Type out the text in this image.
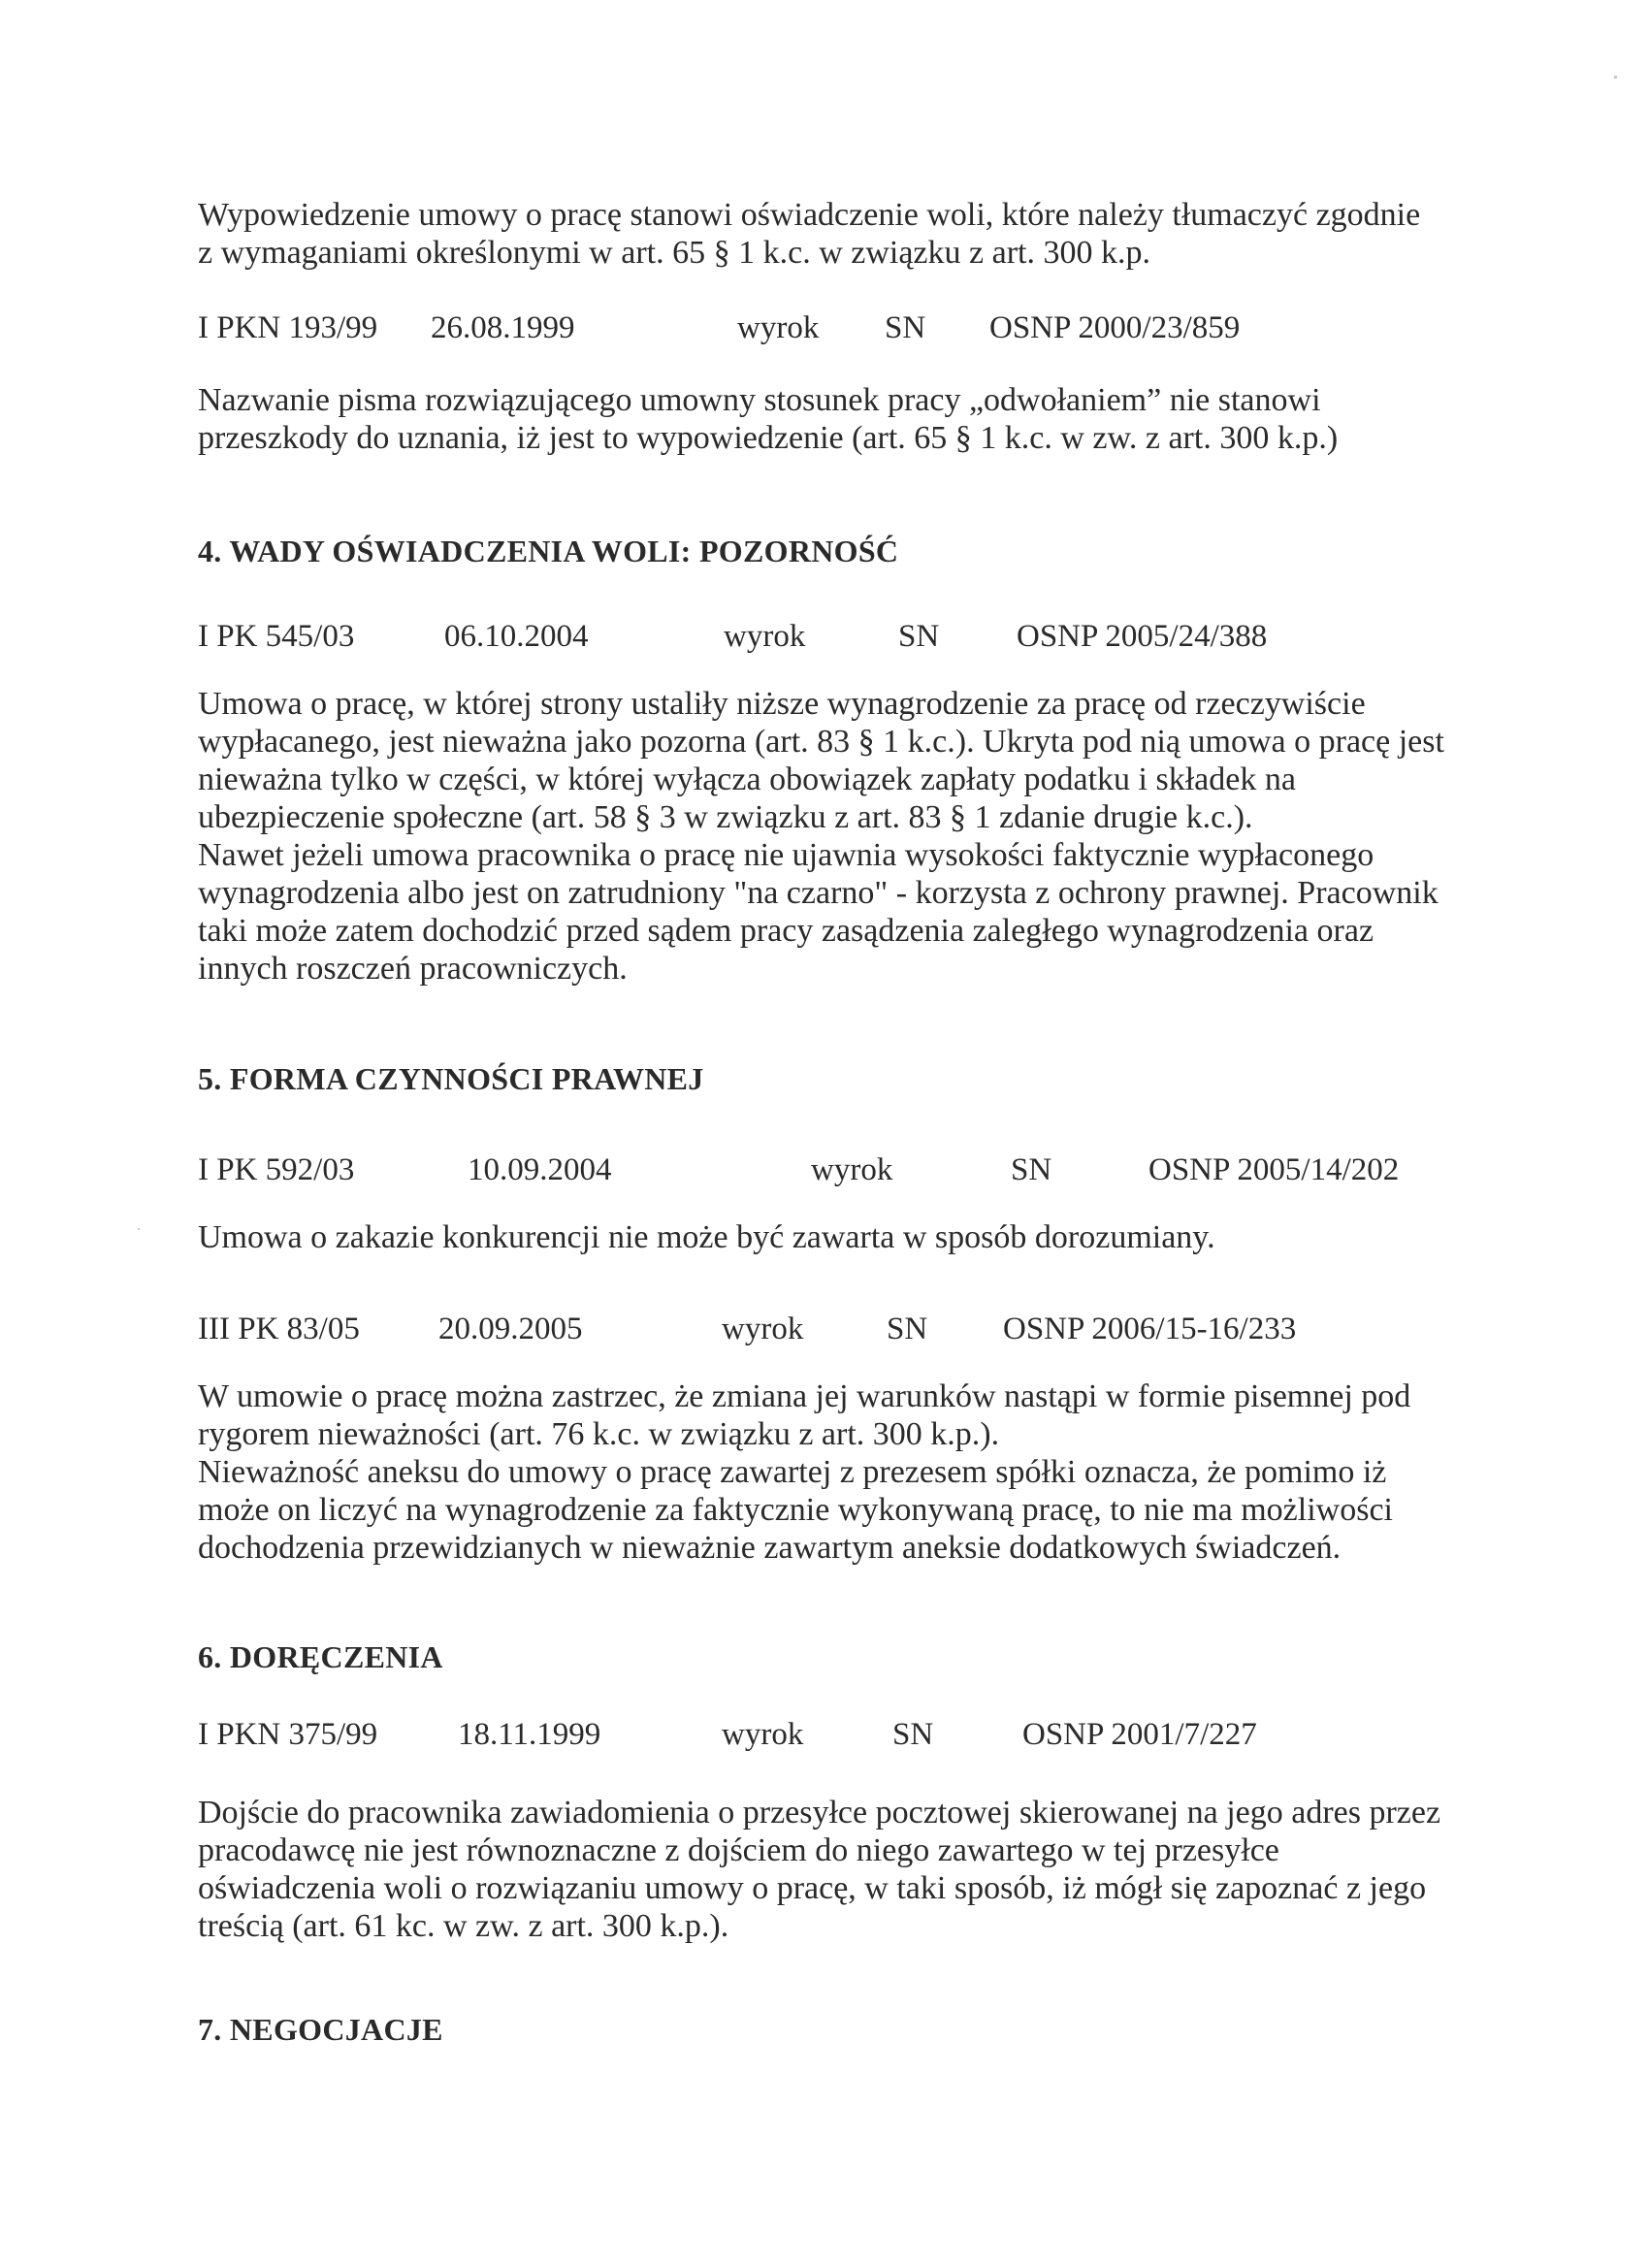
Wypowiedzenie umowy o pracę stanowi oświadczenie woli, które należy tłumaczyć zgodnie
z wymaganiami określonymi w art. 65 § 1 k.c. w związku z art. 300 k.p.
I PKN 193/99 26.08.1999	wyrok SN OSNP 2000/23/859
Nazwanie pisma rozwiązującego umowny stosunek pracy „odwołaniem” nie stanowi
przeszkody do uznania, iż jest to wypowiedzenie (art. 65 § 1 k.c. w zw. z art. 300 k.p.)
4. WADY OŚWIADCZENIA WOLI: POZORNOŚĆ
I PK 545/03	06.10.2004	wyrok	SN OSNP 2005/24/388
Umowa o pracę, w której strony ustaliły niższe wynagrodzenie za pracę od rzeczywiście
wypłacanego, jest nieważna jako pozorna (art. 83 § 1 k.c.). Ukryta pod nią umowa o pracę jest
nieważna tylko w części, w której wyłącza obowiązek zapłaty podatku i składek na
ubezpieczenie społeczne (art. 58 § 3 w związku z art. 83 § 1 zdanie drugie k.c.).
Nawet jeżeli umowa pracownika o pracę nie ujawnia wysokości faktycznie wypłaconego
wynagrodzenia albo jest on zatrudniony "na czarno" - korzysta z ochrony prawnej. Pracownik
taki może zatem dochodzić przed sądem pracy zasądzenia zaległego wynagrodzenia oraz
innych roszczeń pracowniczych.
5. FORMA CZYNNOŚCI PRAWNEJ
I PK 592/03	10.09.2004	wyrok	SN	OSNP 2005/14/202
Umowa o zakazie konkurencji nie może być zawarta w sposób dorozumiany.
III PK 83/05 20.09.2005	wyrok	SN OSNP 2006/15-16/233
W umowie o pracę można zastrzec, że zmiana jej warunków nastąpi w formie pisemnej pod
rygorem nieważności (art. 76 k.c. w związku z art. 300 k.p.).
Nieważność aneksu do umowy o pracę zawartej z prezesem spółki oznacza, że pomimo iż
może on liczyć na wynagrodzenie za faktycznie wykonywaną pracę, to nie ma możliwości
dochodzenia przewidzianych w nieważnie zawartym aneksie dodatkowych świadczeń.
6. DORĘCZENIA
I PKN 375/99	18.11.1999	wyrok	SN	OSNP 2001/7/227
Dojście do pracownika zawiadomienia o przesyłce pocztowej skierowanej na jego adres przez
pracodawcę nie jest równoznaczne z dojściem do niego zawartego w tej przesyłce
oświadczenia woli o rozwiązaniu umowy o pracę, w taki sposób, iż mógł się zapoznać z jego
treścią (art. 61 kc. w zw. z art. 300 k.p.).
7. NEGOCJACJE
